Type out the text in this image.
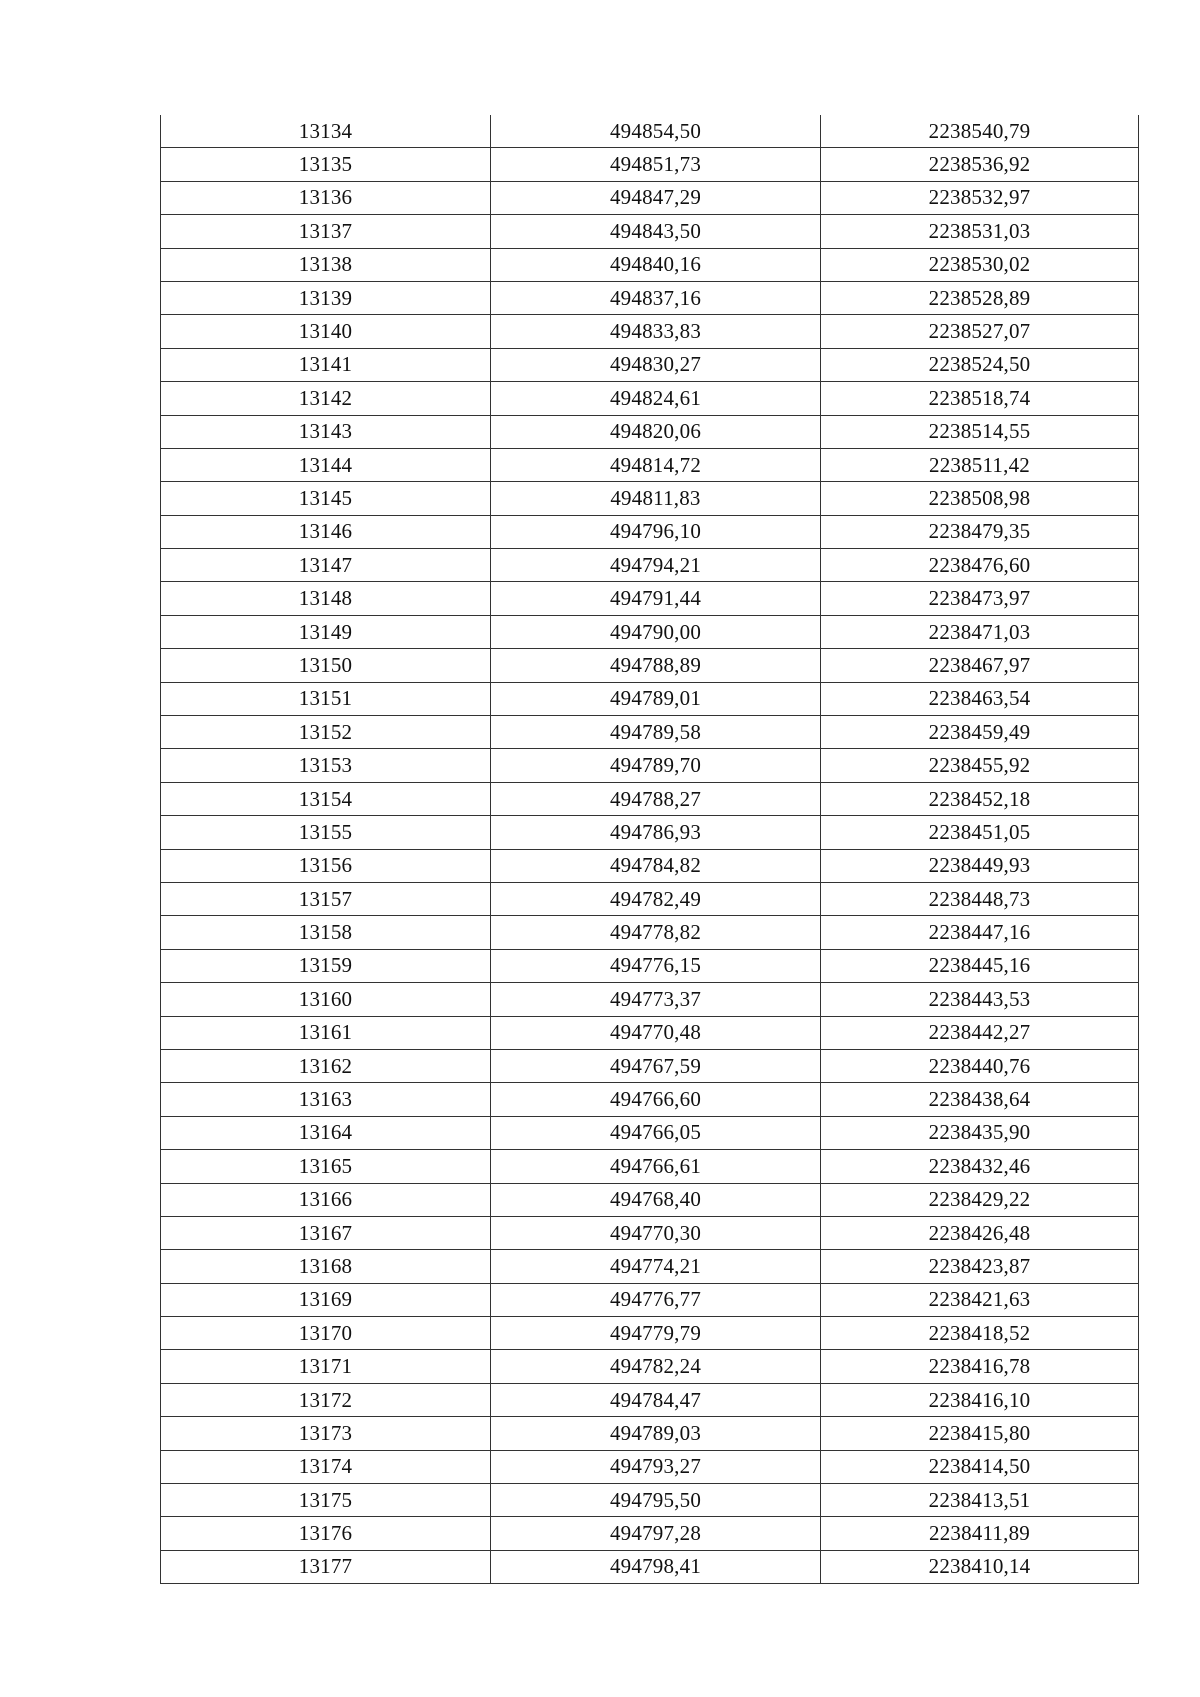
13134	494854,50	2238540,79
13135	494851,73	2238536,92
13136	494847,29	2238532,97
13137	494843,50	2238531,03
13138	494840,16	2238530,02
13139	494837,16	2238528,89
13140	494833,83	2238527,07
13141	494830,27	2238524,50
13142	494824,61	2238518,74
13143	494820,06	2238514,55
13144	494814,72	2238511,42
13145	494811,83	2238508,98
13146	494796,10	2238479,35
13147	494794,21	2238476,60
13148	494791,44	2238473,97
13149	494790,00	2238471,03
13150	494788,89	2238467,97
13151	494789,01	2238463,54
13152	494789,58	2238459,49
13153	494789,70	2238455,92
13154	494788,27	2238452,18
13155	494786,93	2238451,05
13156	494784,82	2238449,93
13157	494782,49	2238448,73
13158	494778,82	2238447,16
13159	494776,15	2238445,16
13160	494773,37	2238443,53
13161	494770,48	2238442,27
13162	494767,59	2238440,76
13163	494766,60	2238438,64
13164	494766,05	2238435,90
13165	494766,61	2238432,46
13166	494768,40	2238429,22
13167	494770,30	2238426,48
13168	494774,21	2238423,87
13169	494776,77	2238421,63
13170	494779,79	2238418,52
13171	494782,24	2238416,78
13172	494784,47	2238416,10
13173	494789,03	2238415,80
13174	494793,27	2238414,50
13175	494795,50	2238413,51
13176	494797,28	2238411,89
13177	494798,41	2238410,14
